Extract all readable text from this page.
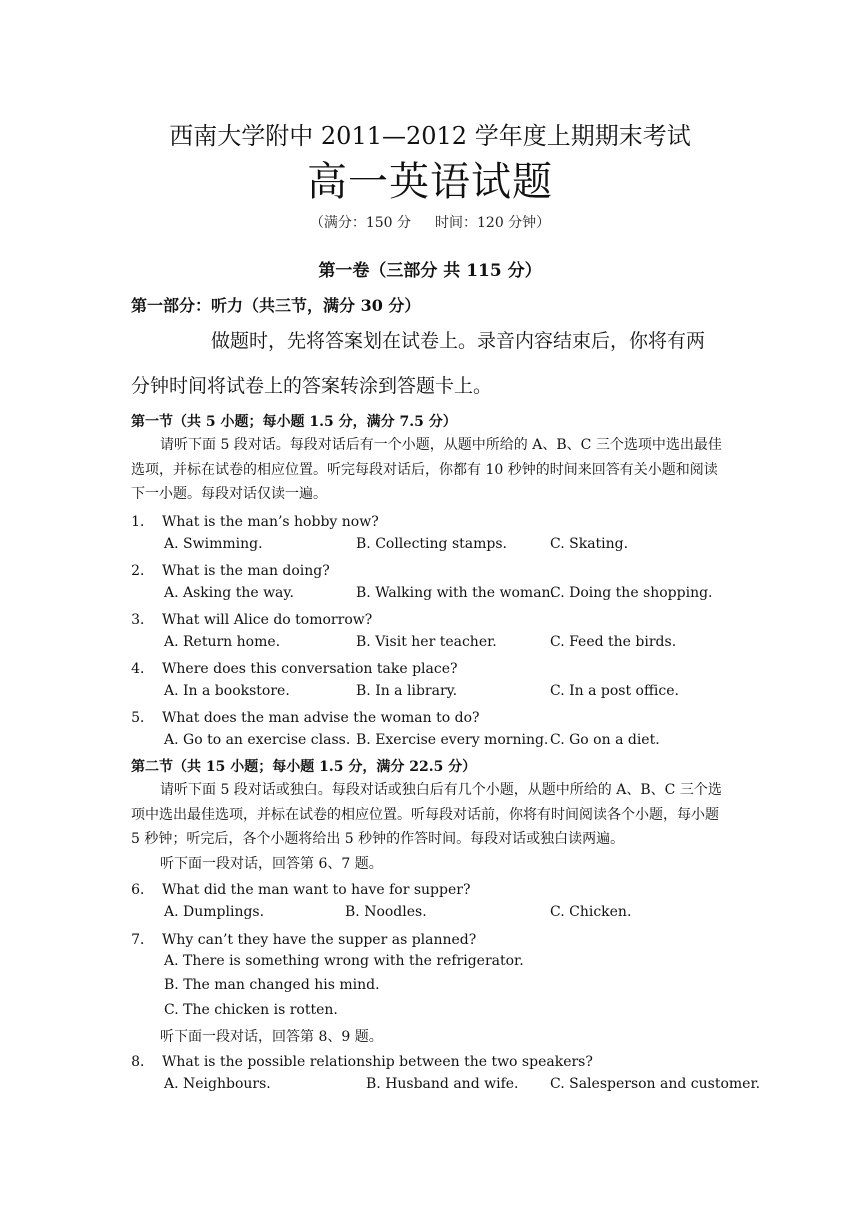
西南大学附中 2011—2012 学年度上期期末考试
高一英语试题
（满分：150 分 时间：120 分钟）
第一卷（三部分 共 115 分）
第一部分：听力（共三节，满分 30 分）
做题时，先将答案划在试卷上。录音内容结束后，你将有两
分钟时间将试卷上的答案转涂到答题卡上。
第一节（共 5 小题；每小题 1.5 分，满分 7.5 分）
请听下面 5 段对话。每段对话后有一个小题，从题中所给的 A、B、C 三个选项中选出最佳选项，并标在试卷的相应位置。听完每段对话后，你都有 10 秒钟的时间来回答有关小题和阅读下一小题。每段对话仅读一遍。
1． What is the man’s hobby now?
A. Swimming.	B. Collecting stamps.	C. Skating.
2． What is the man doing?
A. Asking the way.	B. Walking with the woman.
C. Doing the shopping.
3． What will Alice do tomorrow?
A. Return home.	B. Visit her teacher.	C. Feed the birds.
4． Where does this conversation take place?
A. In a bookstore.	B. In a library.	C. In a post office.
5． What does the man advise the woman to do?
A. Go to an exercise class. B. Exercise every morning. C. Go on a diet.
第二节（共 15 小题；每小题 1.5 分，满分 22.5 分）
请听下面 5 段对话或独白。每段对话或独白后有几个小题，从题中所给的 A、B、C 三个选项中选出最佳选项，并标在试卷的相应位置。听每段对话前，你将有时间阅读各个小题，每小题 5 秒钟；听完后，各个小题将给出 5 秒钟的作答时间。每段对话或独白读两遍。
听下面一段对话，回答第 6、7 题。
6． What did the man want to have for supper?
A. Dumplings.	B. Noodles.	C. Chicken.
7． Why can’t they have the supper as planned?
A. There is something wrong with the refrigerator.
B. The man changed his mind.
C. The chicken is rotten.
听下面一段对话，回答第 8、9 题。
8． What is the possible relationship between the two speakers?
A. Neighbours.	B. Husband and wife. C. Salesperson and customer.
